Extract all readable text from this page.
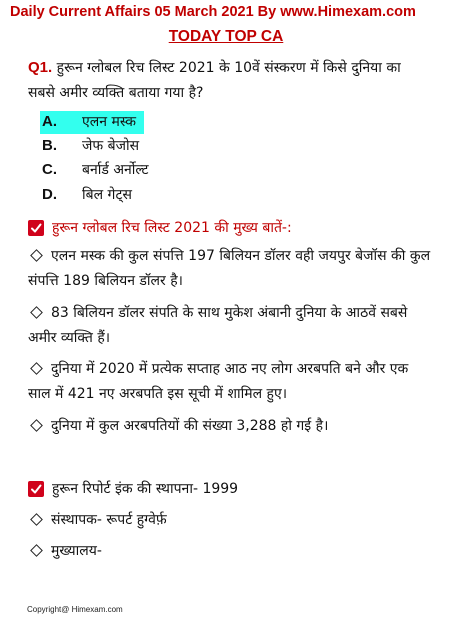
Daily Current Affairs 05 March 2021 By www.Himexam.com
TODAY TOP CA
Q1. हुरून ग्लोबल रिच लिस्ट 2021 के 10वें संस्करण में किसे दुनिया का सबसे अमीर व्यक्ति बताया गया है?
A. एलन मस्क
B. जेफ बेजोस
C. बर्नार्ड अर्नोल्ट
D. बिल गेट्स
हुरून ग्लोबल रिच लिस्ट 2021 की मुख्य बातें-:
एलन मस्क की कुल संपत्ति 197 बिलियन डॉलर वही जयपुर बेजॉस की कुल संपत्ति 189 बिलियन डॉलर है।
83 बिलियन डॉलर संपति के साथ मुकेश अंबानी दुनिया के आठवें सबसे अमीर व्यक्ति हैं।
दुनिया में 2020 में प्रत्येक सप्ताह आठ नए लोग अरबपति बने और एक साल में 421 नए अरबपति इस सूची में शामिल हुए।
दुनिया में कुल अरबपतियों की संख्या 3,288 हो गई है।
हुरून रिपोर्ट इंक की स्थापना- 1999
संस्थापक- रूपर्ट हुग्वेर्फ़
मुख्यालय-
Copyright@ Himexam.com
